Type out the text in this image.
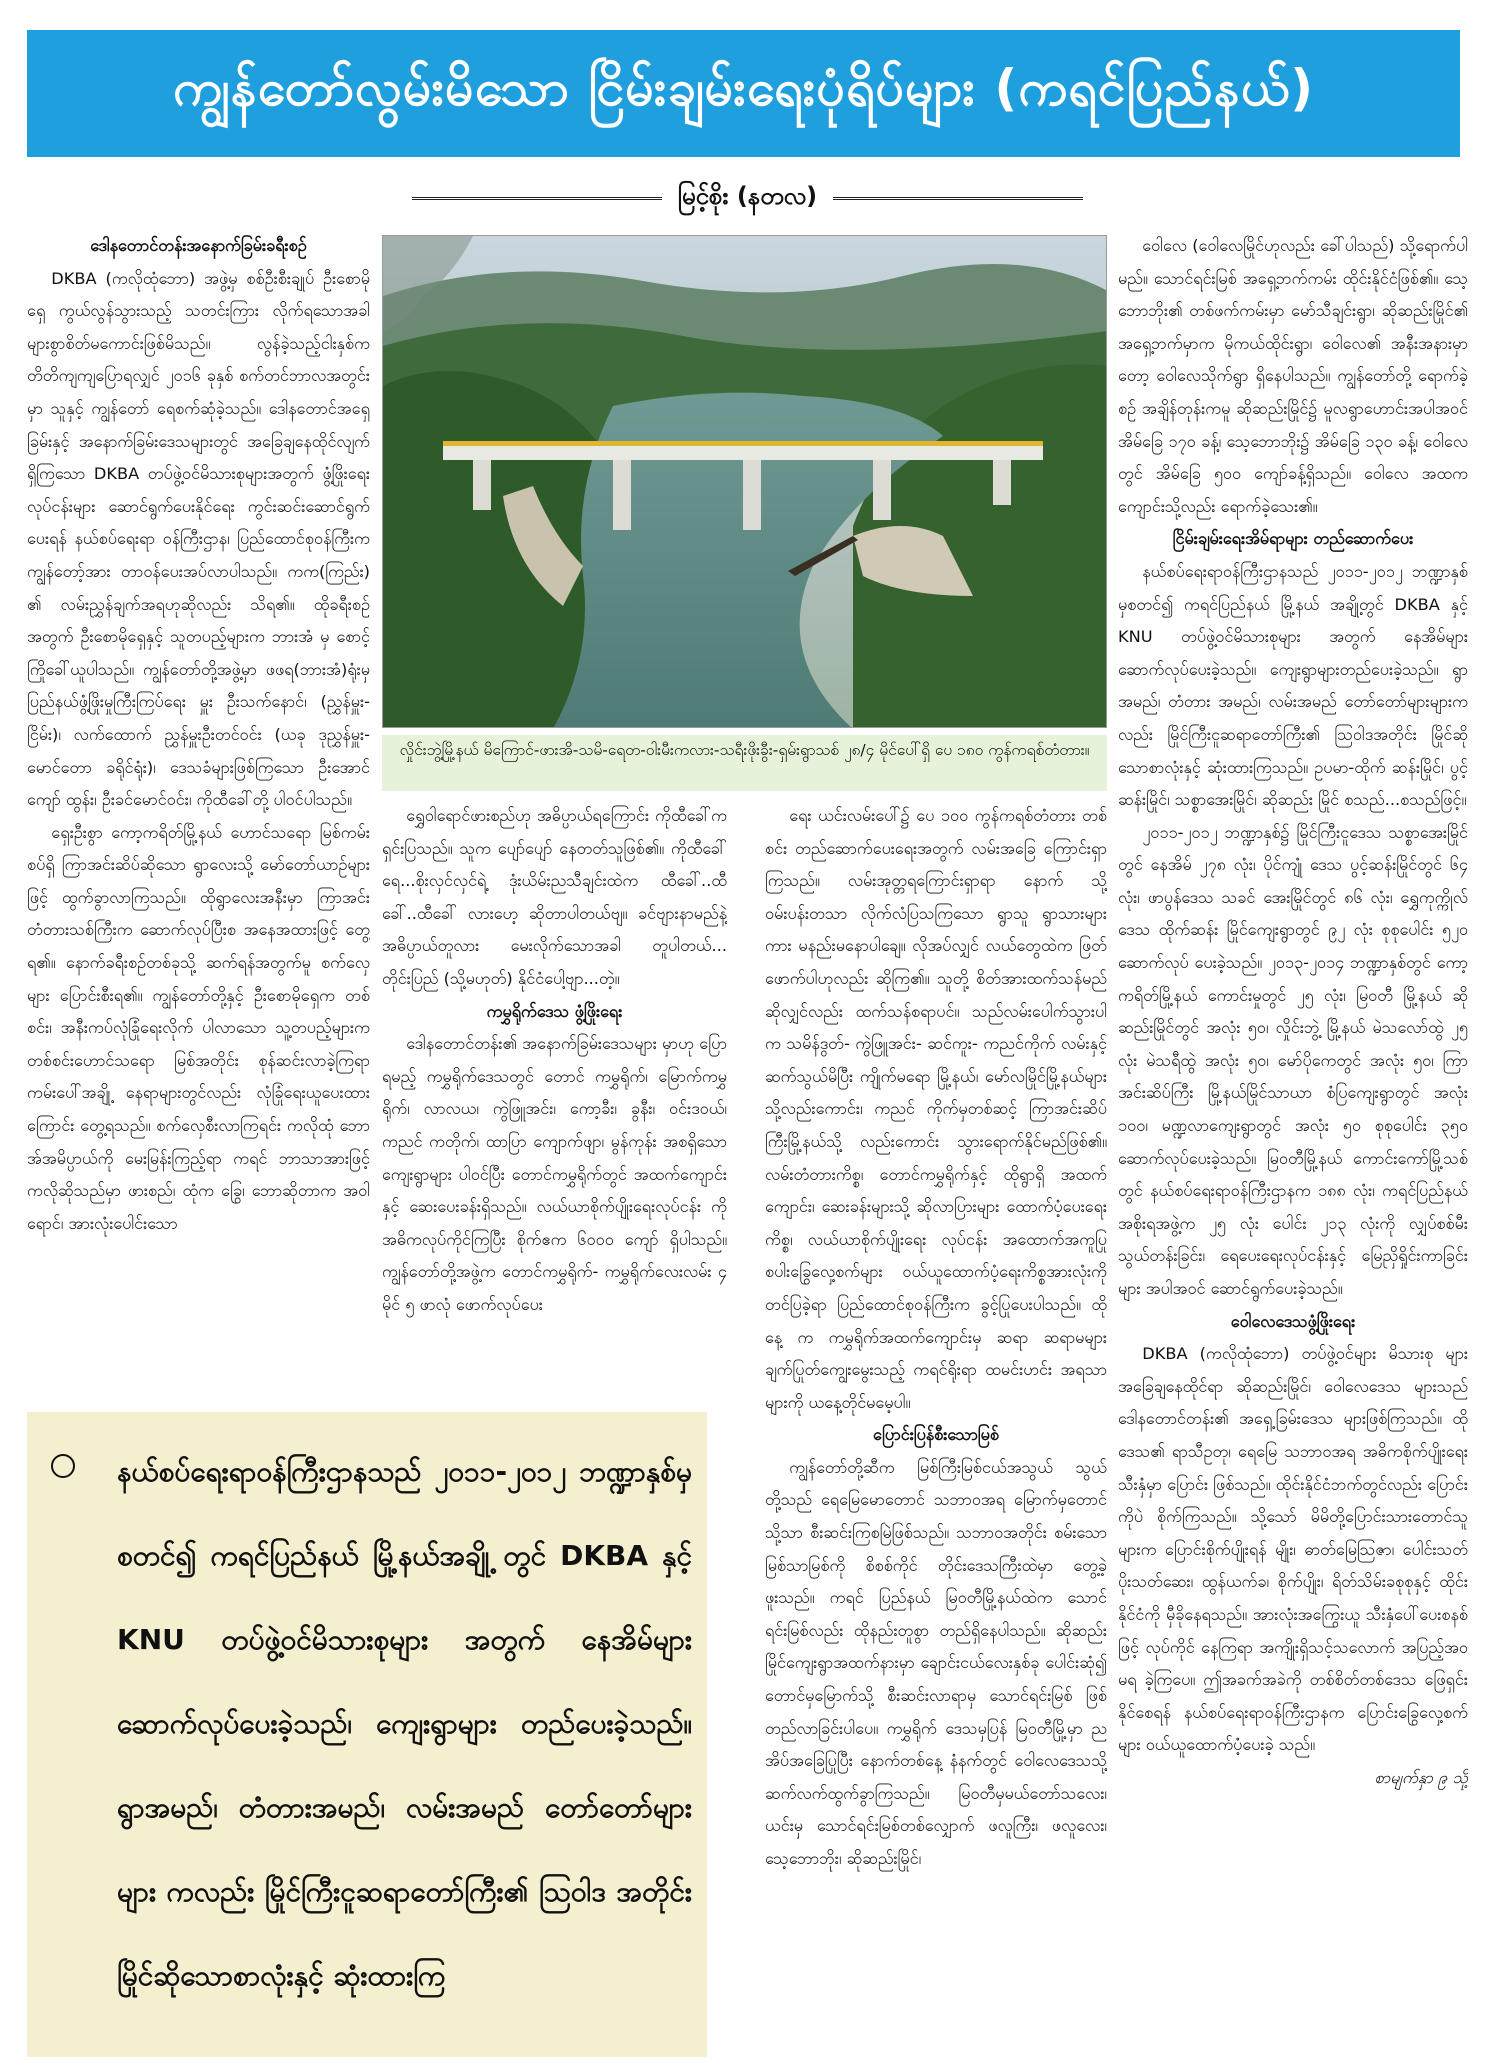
ကျွန်တော်လွမ်းမိသော ငြိမ်းချမ်းရေးပုံရိပ်များ (ကရင်ပြည်နယ်)
မြင့်စိုး (နတလ)
ဒေါနတောင်တန်းအနောက်ခြမ်းခရီးစဉ်

DKBA (ကလိုထုံဘော) အဖွဲ့မှ စစ်ဦးစီးချုပ် ဦးစောမိုရှေ ကွယ်လွန်သွားသည့် သတင်းကြား လိုက်ရသောအခါ များစွာစိတ်မကောင်းဖြစ်မိသည်။ လွန်ခဲ့သည့်ငါးနှစ်က တိတိကျကျပြောရလျှင် ၂၀၁၆ ခုနှစ် စက်တင်ဘာလအတွင်းမှာ သူနှင့် ကျွန်တော် ရေစက်ဆုံခဲ့သည်။ ဒေါနတောင်အရှေ့ခြမ်းနှင့် အနောက်ခြမ်းဒေသများတွင် အခြေချနေထိုင်လျက် ရှိကြသော DKBA တပ်ဖွဲ့ဝင်မိသားစုများအတွက် ဖွံ့ဖြိုးရေးလုပ်ငန်းများ ဆောင်ရွက်ပေးနိုင်ရေး ကွင်းဆင်းဆောင်ရွက်ပေးရန် နယ်စပ်ရေးရာ ဝန်ကြီးဌာန၊ ပြည်ထောင်စုဝန်ကြီးက ကျွန်တော့်အား တာဝန်ပေးအပ်လာပါသည်။ ကက(ကြည်း) ၏ လမ်းညွှန်ချက်အရဟုဆိုလည်း သိရ၏။ ထိုခရီးစဉ် အတွက် ဦးစောမိုရှေနှင့် သူတပည့်များက ဘားအံ မှ စောင့်ကြိုခေါ်ယူပါသည်။ ကျွန်တော်တို့အဖွဲ့မှာ ဖဖရ(ဘားအံ)ရုံးမှ ပြည်နယ်ဖွံ့ဖြိုးမှုကြီးကြပ်ရေး မှူး ဦးသက်နောင်၊ (ညွှန်မှူး-ငြိမ်း)၊ လက်ထောက် ညွှန်မှူးဦးတင်ဝင်း (ယခု ဒုညွှန်မှူး-မောင်တော ခရိုင်ရုံး)၊ ဒေသခံများဖြစ်ကြသော ဦးအောင်ကျော် ထွန်း၊ ဦးခင်မောင်ဝင်း၊ ကိုထီခေါ်တို့ ပါဝင်ပါသည်။

ရှေးဦးစွာ ကော့ကရိတ်မြို့နယ် ဟောင်သရော မြစ်ကမ်းစပ်ရှိ ကြာအင်းဆိပ်ဆိုသော ရွာလေးသို့ မော်တော်ယာဉ်များဖြင့် ထွက်ခွာလာကြသည်။ ထိုရွာလေးအနီးမှာ ကြာအင်းတံတားသစ်ကြီးက ဆောက်လုပ်ပြီးစ အနေအထားဖြင့် တွေ့ရ၏။ နောက်ခရီးစဉ်တစ်ခုသို့ ဆက်ရန်အတွက်မူ စက်လှေများ ပြောင်းစီးရ၏။ ကျွန်တော်တို့နှင့် ဦးစောမိုရှေက တစ်စင်း၊ အနီးကပ်လုံခြုံရေးလိုက် ပါလာသော သူ့တပည့်များက တစ်စင်းဟောင်သရော မြစ်အတိုင်း စုန်ဆင်းလာခဲ့ကြရာ ကမ်းပေါ်အချို့ နေရာများတွင်လည်း လုံခြုံရေးယူပေးထားကြောင်း တွေ့ရသည်။ စက်လှေစီးလာကြရင်း ကလိုထုံ ဘောအ်အမိပ္ပာယ်ကို မေးမြန်းကြည့်ရာ ကရင် ဘာသာအားဖြင့် ကလိုဆိုသည်မှာ ဖားစည်၊ ထုံက ခြွေ၊ ဘောဆိုတာက အဝါရောင်၊ အားလုံးပေါင်းသော

လှိုင်းဘွဲ့မြို့နယ် မိကြောင်-ဖားအိ-သမိ-ရေတ-ဝါးမီးကလား-သရီးဖိုးခွီး-ရှမ်းရွာသစ် ၂၈/၄ မိုင်ပေါ်ရှိ ပေ ၁၈၀ ကွန်ကရစ်တံတား။

ရွှေဝါရောင်ဖားစည်ဟု အဓိပ္ပာယ်ရကြောင်း ကိုထီခေါ်က ရှင်းပြသည်။ သူက ပျော်ပျော် နေတတ်သူဖြစ်၏။ ကိုထီခေါ်ရေ...စိုးလှင်လှင်ရဲ့ ဒုံးယိမ်းညသီချင်းထဲက ထီခေါ်..ထီခေါ်..ထီခေါ် လားဟေ့ ဆိုတာပါတယ်ဗျ။ ခင်ဗျားနာမည်နဲ့ အဓိပ္ပာယ်တူလား မေးလိုက်သောအခါ တူပါတယ်... တိုင်းပြည် (သို့မဟုတ်) နိုင်ငံပေါ့ဗျာ...တဲ့။

ကမွှရိုက်ဒေသ ဖွံ့ဖြိုးရေး

ဒေါနတောင်တန်း၏ အနောက်ခြမ်းဒေသများ မှာဟု ပြောရမည့် ကမွှရိုက်ဒေသတွင် တောင် ကမွှရိုက်၊ မြောက်ကမွှရိုက်၊ လာလယ၊ ကွဲဖြူအင်း၊ ကော့ခီး၊ ခွနီး၊ ဝင်းဒဝယ်၊ ကညင် ကတိုက်၊ ထာပြာ ကျောက်ဖျာ၊ မွန်ကုန်း အစရှိသော ကျေးရွာများ ပါဝင်ပြီး တောင်ကမွှရိုက်တွင် အထက်ကျောင်းနှင့် ဆေးပေးခန်းရှိသည်။ လယ်ယာစိုက်ပျိုးရေးလုပ်ငန်း ကို အဓိကလုပ်ကိုင်ကြပြီး စိုက်ဧက ၆၀၀၀ ကျော် ရှိပါသည်။ ကျွန်တော်တို့အဖွဲ့က တောင်ကမွှရိုက်- ကမွှရိုက်လေးလမ်း ၄ မိုင် ၅ ဖာလုံ ဖောက်လုပ်ပေး

ရေး ယင်းလမ်းပေါ်၌ ပေ ၁၀၀ ကွန်ကရစ်တံတား တစ်စင်း တည်ဆောက်ပေးရေးအတွက် လမ်းအခြေ ကြောင်းရှာကြသည်။ လမ်းအုတ္တရကြောင်းရှာရာ နောက် သို့ ဝမ်းပန်းတသာ လိုက်လံပြသကြသော ရွာသူ ရွာသားများကား မနည်းမနောပါချေ။ လိုအပ်လျှင် လယ်တွေထဲက ဖြတ်ဖောက်ပါဟုလည်း ဆိုကြ၏။ သူတို့ စိတ်အားထက်သန်မည်ဆိုလျှင်လည်း ထက်သန်စရာပင်။ သည်လမ်းပေါက်သွားပါက သမိန်ဒွတ်- ကွဲဖြူအင်း- ဆင်ကူး- ကညင်ကိုက် လမ်းနှင့် ဆက်သွယ်မိပြီး ကျိုက်မရော မြို့နယ်၊ မော်လမြိုင်မြို့နယ်များသို့လည်းကောင်း၊ ကညင် ကိုက်မှတစ်ဆင့် ကြာအင်းဆိပ်ကြီးမြို့နယ်သို့ လည်းကောင်း သွားရောက်နိုင်မည်ဖြစ်၏။ လမ်းတံတားကိစ္စ၊ တောင်ကမွှရိုက်နှင့် ထိုရွာရှိ အထက်ကျောင်း၊ ဆေးခန်းများသို့ ဆိုလာပြားများ ထောက်ပံ့ပေးရေးကိစ္စ၊ လယ်ယာစိုက်ပျိုးရေး လုပ်ငန်း အထောက်အကူပြု စပါးခြွေလှေ့စက်များ ဝယ်ယူထောက်ပံ့ရေးကိစ္စအားလုံးကို တင်ပြခဲ့ရာ ပြည်ထောင်စုဝန်ကြီးက ခွင့်ပြုပေးပါသည်။ ထိုနေ့ က ကမွှရိုက်အထက်ကျောင်းမှ ဆရာ ဆရာမများ ချက်ပြုတ်ကျွေးမွေးသည့် ကရင်ရိုးရာ ထမင်းဟင်း အရသာများကို ယနေ့တိုင်မမေ့ပါ။

ပြောင်းပြန်စီးသောမြစ်

ကျွန်တော်တို့ဆီက မြစ်ကြီးမြစ်ငယ်အသွယ် သွယ်တို့သည် ရေမြေမောတောင် သဘာဝအရ မြောက်မှတောင်သို့သာ စီးဆင်းကြစမြဲဖြစ်သည်။ သဘာဝအတိုင်း စမ်းသော မြစ်သာမြစ်ကို စိစစ်ကိုင် တိုင်းဒေသကြီးထဲမှာ တွေ့ခဲ့ဖူးသည်။ ကရင် ပြည်နယ် မြဝတီမြို့နယ်ထဲက သောင်ရင်းမြစ်လည်း ထိုနည်းတူစွာ တည်ရှိနေပါသည်။ ဆိုဆည်း မြိုင်ကျေးရွာအထက်နားမှာ ချောင်းငယ်လေးနှစ်ခု ပေါင်းဆုံ၍ တောင်မှမြောက်သို့ စီးဆင်းလာရာမှ သောင်ရင်းမြစ် ဖြစ်တည်လာခြင်းပါပေ။ ကမွှရိုက် ဒေသမှပြန် မြဝတီမြို့မှာ ညအိပ်အခြေပြုပြီး နောက်တစ်နေ့ နံနက်တွင် ဝေါလေဒေသသို့ ဆက်လက်ထွက်ခွာကြသည်။ မြဝတီမှမယ်တော်သလေး၊ ယင်းမှ သောင်ရင်းမြစ်တစ်လျှောက် ဖလူကြီး၊ ဖလူလေး၊ သေ့ဘောဘိုး၊ ဆိုဆည်းမြိုင်၊

ဝေါလေ (ဝေါလေမြိုင်ဟုလည်း ခေါ်ပါသည်) သို့ရောက်ပါမည်။ သောင်ရင်းမြစ် အရှေ့ဘက်ကမ်း ထိုင်းနိုင်ငံဖြစ်၏။ သေ့ဘောဘိုး၏ တစ်ဖက်ကမ်းမှာ မော်သီချင်းရွာ၊ ဆိုဆည်းမြိုင်၏ အရှေ့ဘက်မှာက မိုကယ်ထိုင်းရွာ၊ ဝေါလေ၏ အနီးအနားမှာတော့ ဝေါလေသိုက်ရွာ ရှိနေပါသည်။ ကျွန်တော်တို့ ရောက်ခဲ့စဉ် အချိန်တုန်းကမူ ဆိုဆည်းမြိုင်၌ မူလရွာဟောင်းအပါအဝင် အိမ်ခြေ ၁၇၀ ခန့်၊ သေ့ဘောဘိုး၌ အိမ်ခြေ ၁၃၀ ခန့်၊ ဝေါလေတွင် အိမ်ခြေ ၅၀၀ ကျော်ခန့်ရှိသည်။ ဝေါလေ အထက ကျောင်းသို့လည်း ရောက်ခဲ့သေး၏။

ငြိမ်းချမ်းရေးအိမ်ရာများ တည်ဆောက်ပေး

နယ်စပ်ရေးရာဝန်ကြီးဌာနသည် ၂၀၁၁-၂၀၁၂ ဘဏ္ဍာနှစ်မှစတင်၍ ကရင်ပြည်နယ် မြို့နယ် အချို့တွင် DKBA နှင့် KNU တပ်ဖွဲ့ဝင်မိသားစုများ အတွက် နေအိမ်များ ဆောက်လုပ်ပေးခဲ့သည်။ ကျေးရွာများတည်ပေးခဲ့သည်။ ရွာအမည်၊ တံတား အမည်၊ လမ်းအမည် တော်တော်များများကလည်း မြိုင်ကြီးငူဆရာတော်ကြီး၏ ဩဝါဒအတိုင်း မြိုင်ဆို သောစာလုံးနှင့် ဆုံးထားကြသည်။ ဥပမာ-ထိုက် ဆန်းမြိုင်၊ ပွင့်ဆန်းမြိုင်၊ သစ္စာအေးမြိုင်၊ ဆိုဆည်း မြိုင် စသည်...စသည်ဖြင့်။

၂၀၁၁-၂၀၁၂ ဘဏ္ဍာနှစ်၌ မြိုင်ကြီးငူဒေသ သစ္စာအေးမြိုင်တွင် နေအိမ် ၂၇၈ လုံး၊ ပိုင်ကျုံ ဒေသ ပွင့်ဆန်းမြိုင်တွင် ၆၄ လုံး၊ ဖာပွန်ဒေသ သခင် အေးမြိုင်တွင် ၈၆ လုံး၊ ရွှေကုက္ကိုလ်ဒေသ ထိုက်ဆန်း မြိုင်ကျေးရွာတွင် ၉၂ လုံး စုစုပေါင်း ၅၂၀ ဆောက်လုပ် ပေးခဲ့သည်။ ၂၀၁၃-၂၀၁၄ ဘဏ္ဍာနှစ်တွင် ကော့ကရိတ်မြို့နယ် ကောင်းမှုတွင် ၂၅ လုံး၊ မြဝတီ မြို့နယ် ဆိုဆည်းမြိုင်တွင် အလုံး ၅၀၊ လှိုင်းဘွဲ့ မြို့နယ် မဲသလော်ထွဲ ၂၅ လုံး မဲသရီထွဲ အလုံး ၅၀၊ မော်ပိုကေတွင် အလုံး ၅၀၊ ကြာအင်းဆိပ်ကြီး မြို့နယ်မြိုင်သာယာ စံပြကျေးရွာတွင် အလုံး ၁၀၀၊ မဏ္ဍလာကျေးရွာတွင် အလုံး ၅၀ စုစုပေါင်း ၃၅၀ ဆောက်လုပ်ပေးခဲ့သည်။ မြဝတီမြို့နယ် ကောင်းကော်မြို့သစ်တွင် နယ်စပ်ရေးရာဝန်ကြီးဌာနက ၁၈၈ လုံး၊ ကရင်ပြည်နယ် အစိုးရအဖွဲ့က ၂၅ လုံး ပေါင်း ၂၁၃ လုံးကို လျှပ်စစ်မီးသွယ်တန်းခြင်း၊ ရေပေးရေးလုပ်ငန်းနှင့် မြေညှိရှိုင်းကာခြင်းများ အပါအဝင် ဆောင်ရွက်ပေးခဲ့သည်။

ဝေါလေဒေသဖွံ့ဖြိုးရေး

DKBA (ကလိုထုံဘော) တပ်ဖွဲ့ဝင်များ မိသားစု များအခြေချနေထိုင်ရာ ဆိုဆည်းမြိုင်၊ ဝေါလေဒေသ များသည် ဒေါနတောင်တန်း၏ အရှေ့ခြမ်းဒေသ များဖြစ်ကြသည်။ ထိုဒေသ၏ ရာသီဥတု၊ ရေမြေ သဘာဝအရ အဓိကစိုက်ပျိုးရေးသီးနှံမှာ ပြောင်း ဖြစ်သည်။ ထိုင်းနိုင်ငံဘက်တွင်လည်း ပြောင်းကိုပဲ စိုက်ကြသည်။ သို့သော် မိမိတို့ပြောင်းသားတောင်သူ များက ပြောင်းစိုက်ပျိုးရန် မျိုး၊ ဓာတ်မြေဩဇာ၊ ပေါင်းသတ်ပိုးသတ်ဆေး၊ ထွန်ယက်ခ၊ စိုက်ပျိုး၊ ရိတ်သိမ်းခစုစုနှင့် ထိုင်းနိုင်ငံကို မှီခိုနေရသည်။ အားလုံးအကြွေးယူ သီးနှံပေါ်ပေးစနစ်ဖြင့် လုပ်ကိုင် နေကြရာ အကျိုးရှိသင့်သလောက် အပြည့်အဝ မရ ခဲ့ကြပေ။ ဤအခက်အခဲကို တစ်စိတ်တစ်ဒေသ ဖြေရှင်းနိုင်စေရန် နယ်စပ်ရေးရာဝန်ကြီးဌာနက ပြောင်းခြွေလှေ့စက်များ ဝယ်ယူထောက်ပံ့ပေးခဲ့ သည်။

စာမျက်နှာ ၉ သို့

နယ်စပ်ရေးရာဝန်ကြီးဌာနသည် ၂၀၁၁-၂၀၁၂ ဘဏ္ဍာနှစ်မှစတင်၍ ကရင်ပြည်နယ် မြို့နယ်အချို့ တွင် DKBA နှင့် KNU တပ်ဖွဲ့ဝင်မိသားစုများ အတွက် နေအိမ်များ ဆောက်လုပ်ပေးခဲ့သည်၊ ကျေးရွာများ တည်ပေးခဲ့သည်။ ရွာအမည်၊ တံတားအမည်၊ လမ်းအမည် တော်တော်များများ ကလည်း မြိုင်ကြီးငူဆရာတော်ကြီး၏ ဩဝါဒ အတိုင်း မြိုင်ဆိုသောစာလုံးနှင့် ဆုံးထားကြ
